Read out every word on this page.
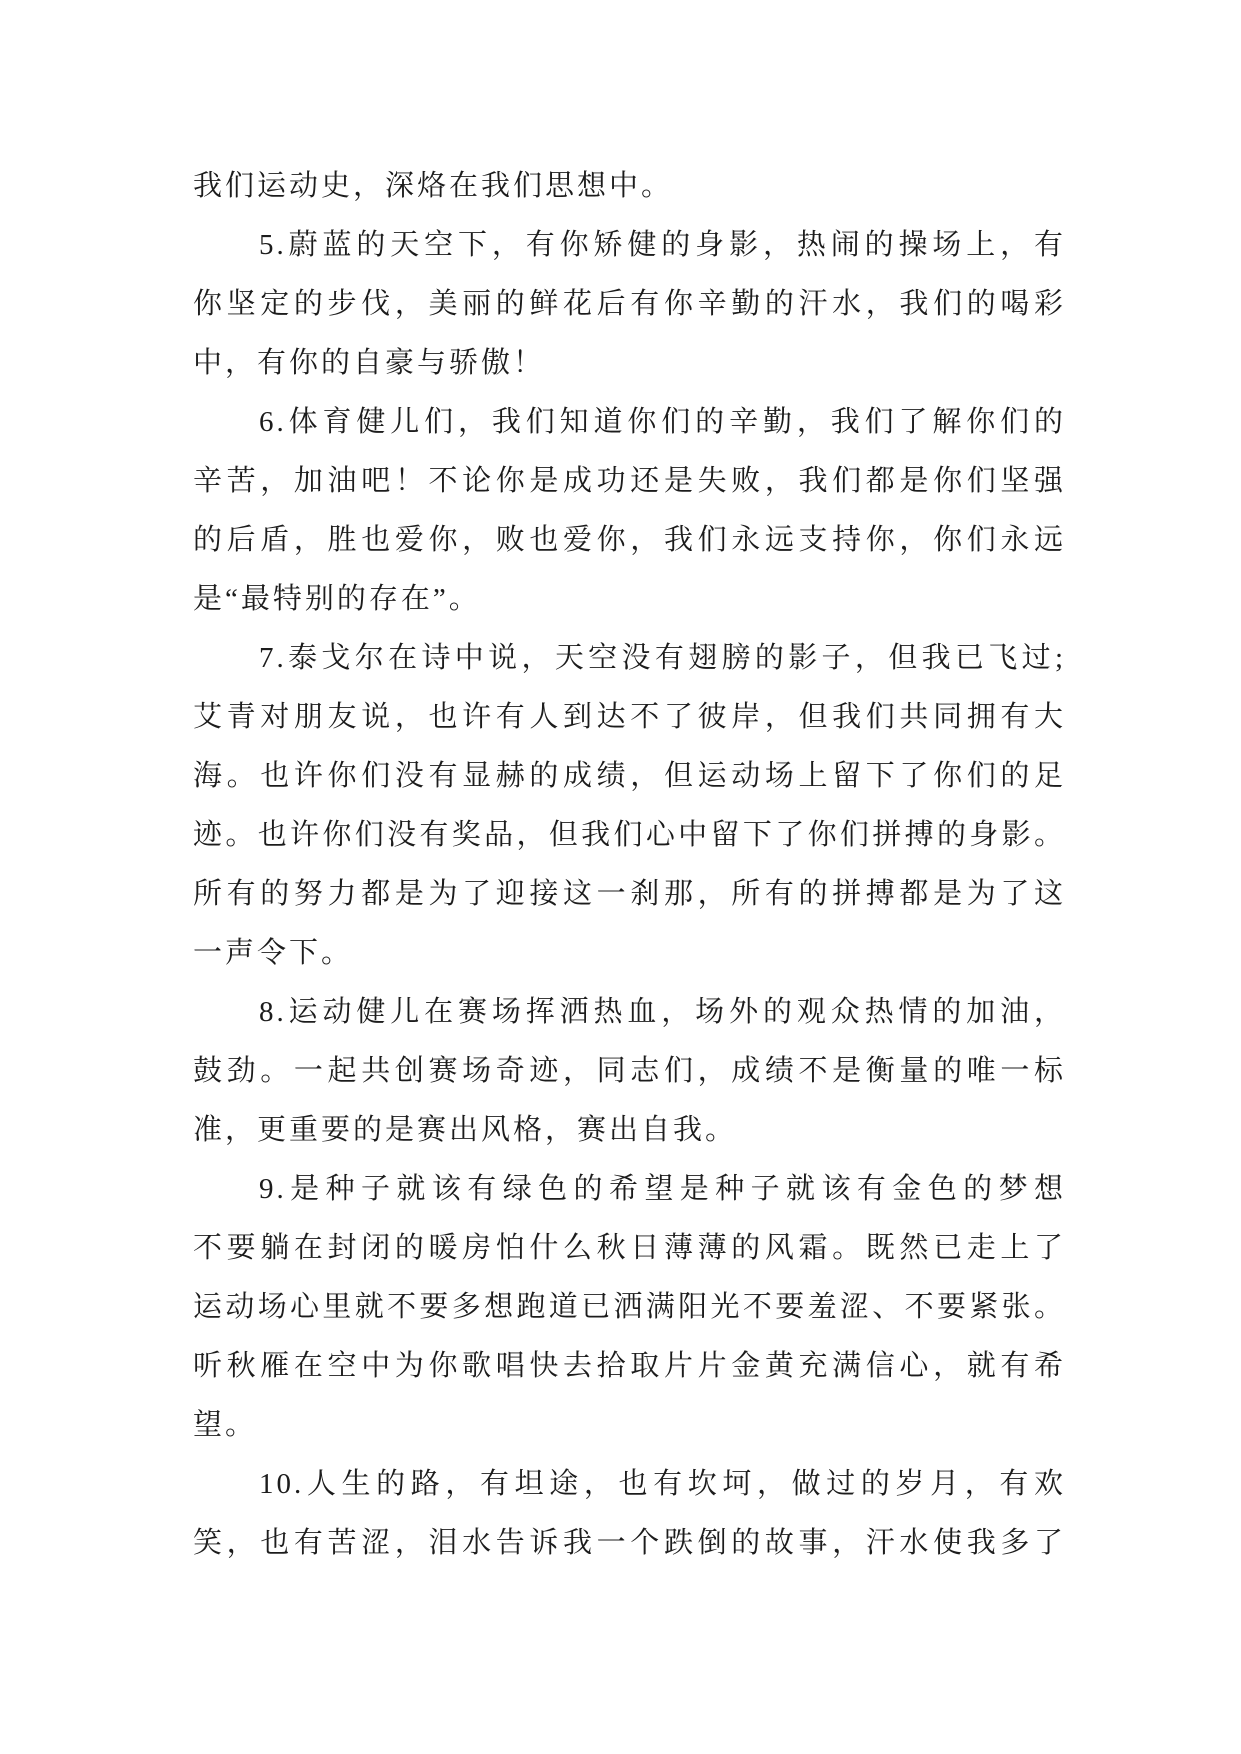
我们运动史，深烙在我们思想中。
5.蔚蓝的天空下，有你矫健的身影，热闹的操场上，有
你坚定的步伐，美丽的鲜花后有你辛勤的汗水，我们的喝彩
中，有你的自豪与骄傲！
6.体育健儿们，我们知道你们的辛勤，我们了解你们的
辛苦，加油吧！不论你是成功还是失败，我们都是你们坚强
的后盾，胜也爱你，败也爱你，我们永远支持你，你们永远
是“最特别的存在”。
7.泰戈尔在诗中说，天空没有翅膀的影子，但我已飞过;
艾青对朋友说，也许有人到达不了彼岸，但我们共同拥有大
海。也许你们没有显赫的成绩，但运动场上留下了你们的足
迹。也许你们没有奖品，但我们心中留下了你们拼搏的身影。
所有的努力都是为了迎接这一刹那，所有的拼搏都是为了这
一声令下。
8.运动健儿在赛场挥洒热血，场外的观众热情的加油，
鼓劲。一起共创赛场奇迹，同志们，成绩不是衡量的唯一标
准，更重要的是赛出风格，赛出自我。
9.是种子就该有绿色的希望是种子就该有金色的梦想
不要躺在封闭的暖房怕什么秋日薄薄的风霜。既然已走上了
运动场心里就不要多想跑道已洒满阳光不要羞涩、不要紧张。
听秋雁在空中为你歌唱快去拾取片片金黄充满信心，就有希
望。
10.人生的路，有坦途，也有坎坷，做过的岁月，有欢
笑，也有苦涩，泪水告诉我一个跌倒的故事，汗水使我多了
